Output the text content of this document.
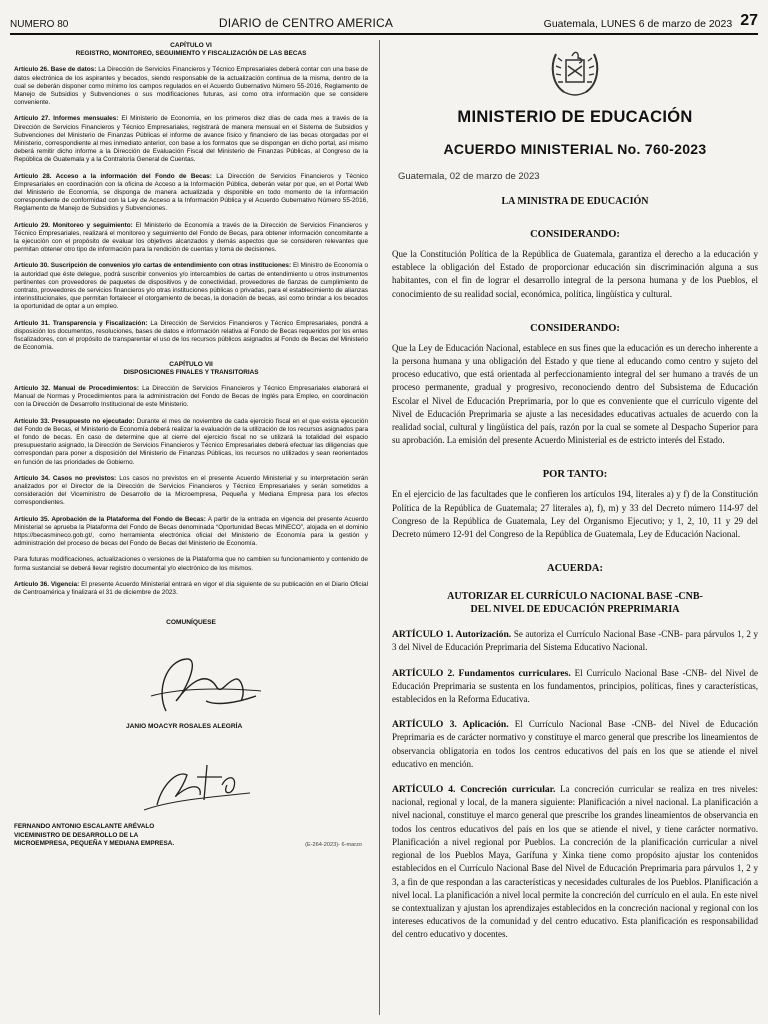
NUMERO 80	DIARIO de CENTRO AMERICA	Guatemala, LUNES 6 de marzo de 2023 27
CAPÍTULO VI
REGISTRO, MONITOREO, SEGUIMIENTO Y FISCALIZACIÓN DE LAS BECAS

Artículo 26. Base de datos: La Dirección de Servicios Financieros y Técnico Empresariales deberá contar con una base de datos electrónica de los aspirantes y becados, siendo responsable de la actualización continua de la misma, dentro de la cual se deberán disponer como mínimo los campos regulados en el Acuerdo Gubernativo Número 55-2016, Reglamento de Manejo de Subsidios y Subvenciones o sus modificaciones futuras, así como otra información que se considere conveniente.

Artículo 27. Informes mensuales: El Ministerio de Economía, en los primeros diez días de cada mes a través de la Dirección de Servicios Financieros y Técnico Empresariales, registrará de manera mensual en el Sistema de Subsidios y Subvenciones del Ministerio de Finanzas Públicas el informe de avance físico y financiero de las becas otorgadas por el Ministerio, correspondiente al mes inmediato anterior, con base a los formatos que se dispongan en dicho portal, así mismo deberá remitir dicho informe a la Dirección de Evaluación Fiscal del Ministerio de Finanzas Públicas, al Congreso de la República de Guatemala y a la Contraloría General de Cuentas.

Artículo 28. Acceso a la información del Fondo de Becas: La Dirección de Servicios Financieros y Técnico Empresariales en coordinación con la oficina de Acceso a la Información Pública, deberán velar por que, en el Portal Web del Ministerio de Economía, se disponga de manera actualizada y disponible en todo momento de la información correspondiente de conformidad con la Ley de Acceso a la Información Pública y el Acuerdo Gubernativo Número 55-2016, Reglamento de Manejo de Subsidios y Subvenciones.

Artículo 29. Monitoreo y seguimiento: El Ministerio de Economía a través de la Dirección de Servicios Financieros y Técnico Empresariales, realizará el monitoreo y seguimiento del Fondo de Becas, para obtener información concomitante a la ejecución con el propósito de evaluar los objetivos alcanzados y demás aspectos que se consideren relevantes que permitan obtener otro tipo de información para la rendición de cuentas y toma de decisiones.

Artículo 30. Suscripción de convenios y/o cartas de entendimiento con otras instituciones: El Ministro de Economía o la autoridad que éste delegue, podrá suscribir convenios y/o intercambios de cartas de entendimiento u otros instrumentos pertinentes con proveedores de paquetes de dispositivos y de conectividad, proveedores de fianzas de cumplimiento de contrato, proveedores de servicios financieros y/o otras instituciones públicas o privadas, para el establecimiento de alianzas interinstitucionales, que permitan fortalecer el otorgamiento de becas, la donación de becas, así como brindar a los becados la oportunidad de optar a un empleo.

Artículo 31. Transparencia y Fiscalización: La Dirección de Servicios Financieros y Técnico Empresariales, pondrá a disposición los documentos, resoluciones, bases de datos e información relativa al Fondo de Becas requeridos por los entes fiscalizadores, con el propósito de transparentar el uso de los recursos públicos asignados al Fondo de Becas del Ministerio de Economía.

CAPÍTULO VII
DISPOSICIONES FINALES Y TRANSITORIAS

Artículo 32. Manual de Procedimientos: La Dirección de Servicios Financieros y Técnico Empresariales elaborará el Manual de Normas y Procedimientos para la administración del Fondo de Becas de Inglés para Empleo, en coordinación con la Dirección de Desarrollo Institucional de este Ministerio.

Artículo 33. Presupuesto no ejecutado: Durante el mes de noviembre de cada ejercicio fiscal en el que exista ejecución del Fondo de Becas, el Ministerio de Economía deberá realizar la evaluación de la utilización de los recursos asignados para el fondo de becas. En caso de determine que al cierre del ejercicio fiscal no se utilizará la totalidad del espacio presupuestario asignado, la Dirección de Servicios Financieros y Técnico Empresariales deberá efectuar las diligencias que correspondan para poner a disposición del Ministerio de Finanzas Públicas, los recursos no utilizados y sean reorientados en función de las prioridades de Gobierno.

Artículo 34. Casos no previstos: Los casos no previstos en el presente Acuerdo Ministerial y su interpretación serán analizados por el Director de la Dirección de Servicios Financieros y Técnico Empresariales y serán sometidos a consideración del Viceministro de Desarrollo de la Microempresa, Pequeña y Mediana Empresa para los efectos correspondientes.

Artículo 35. Aprobación de la Plataforma del Fondo de Becas: A partir de la entrada en vigencia del presente Acuerdo Ministerial se aprueba la Plataforma del Fondo de Becas denominada “Oportunidad Becas MINECO”, alojada en el dominio https://becasmineco.gob.gt/, como herramienta electrónica oficial del Ministerio de Economía para la gestión y administración del proceso de becas del Fondo de Becas del Ministerio de Economía.

Para futuras modificaciones, actualizaciones o versiones de la Plataforma que no cambien su funcionamiento y contenido de forma sustancial se deberá llevar registro documental y/o electrónico de los mismos.

Artículo 36. Vigencia: El presente Acuerdo Ministerial entrará en vigor el día siguiente de su publicación en el Diario Oficial de Centroamérica y finalizará el 31 de diciembre de 2023.

COMUNÍQUESE
JANIO MOACYR ROSALES ALEGRÍA
FERNANDO ANTONIO ESCALANTE ARÉVALO
VICEMINISTRO DE DESARROLLO DE LA
MICROEMPRESA, PEQUEÑA Y MEDIANA EMPRESA.	(E-264-2023)- 6-marzo
MINISTERIO DE EDUCACIÓN
ACUERDO MINISTERIAL No. 760-2023
Guatemala, 02 de marzo de 2023
LA MINISTRA DE EDUCACIÓN
CONSIDERANDO:

Que la Constitución Política de la República de Guatemala, garantiza el derecho a la educación y establece la obligación del Estado de proporcionar educación sin discriminación alguna a sus habitantes, con el fin de lograr el desarrollo integral de la persona humana y de los Pueblos, el conocimiento de su realidad social, económica, política, lingüística y cultural.

CONSIDERANDO:

Que la Ley de Educación Nacional, establece en sus fines que la educación es un derecho inherente a la persona humana y una obligación del Estado y que tiene al educando como centro y sujeto del proceso educativo, que está orientada al perfeccionamiento integral del ser humano a través de un proceso permanente, gradual y progresivo, reconociendo dentro del Subsistema de Educación Escolar el Nivel de Educación Preprimaria, por lo que es conveniente que el currículo vigente del Nivel de Educación Preprimaria se ajuste a las necesidades educativas actuales de acuerdo con la realidad social, cultural y lingüística del país, razón por la cual se somete al Despacho Superior para su aprobación. La emisión del presente Acuerdo Ministerial es de estricto interés del Estado.

POR TANTO:

En el ejercicio de las facultades que le confieren los artículos 194, literales a) y f) de la Constitución Política de la República de Guatemala; 27 literales a), f), m) y 33 del Decreto número 114-97 del Congreso de la República de Guatemala, Ley del Organismo Ejecutivo; y 1, 2, 10, 11 y 29 del Decreto número 12-91 del Congreso de la República de Guatemala, Ley de Educación Nacional.

ACUERDA:
AUTORIZAR EL CURRÍCULO NACIONAL BASE -CNB-
DEL NIVEL DE EDUCACIÓN PREPRIMARIA

ARTÍCULO 1. Autorización. Se autoriza el Currículo Nacional Base -CNB- para párvulos 1, 2 y 3 del Nivel de Educación Preprimaria del Sistema Educativo Nacional.

ARTÍCULO 2. Fundamentos curriculares. El Currículo Nacional Base -CNB- del Nivel de Educación Preprimaria se sustenta en los fundamentos, principios, políticas, fines y características, establecidos en la Reforma Educativa.

ARTÍCULO 3. Aplicación. El Currículo Nacional Base -CNB- del Nivel de Educación Preprimaria es de carácter normativo y constituye el marco general que prescribe los lineamientos de observancia obligatoria en todos los centros educativos del país en los que se atiende el nivel educativo en mención.

ARTÍCULO 4. Concreción curricular. La concreción curricular se realiza en tres niveles: nacional, regional y local, de la manera siguiente: Planificación a nivel nacional. La planificación a nivel nacional, constituye el marco general que prescribe los grandes lineamientos de observancia en todos los centros educativos del país en los que se atiende el nivel, y tiene carácter normativo. Planificación a nivel regional por Pueblos. La concreción de la planificación curricular a nivel regional de los Pueblos Maya, Garífuna y Xinka tiene como propósito ajustar los contenidos establecidos en el Currículo Nacional Base del Nivel de Educación Preprimaria para párvulos 1, 2 y 3, a fin de que respondan a las características y necesidades culturales de los Pueblos. Planificación a nivel local. La planificación a nivel local permite la concreción del currículo en el aula. En este nivel se contextualizan y ajustan los aprendizajes establecidos en la concreción nacional y regional con los intereses educativos de la comunidad y del centro educativo. Esta planificación es responsabilidad del centro educativo y docentes.
